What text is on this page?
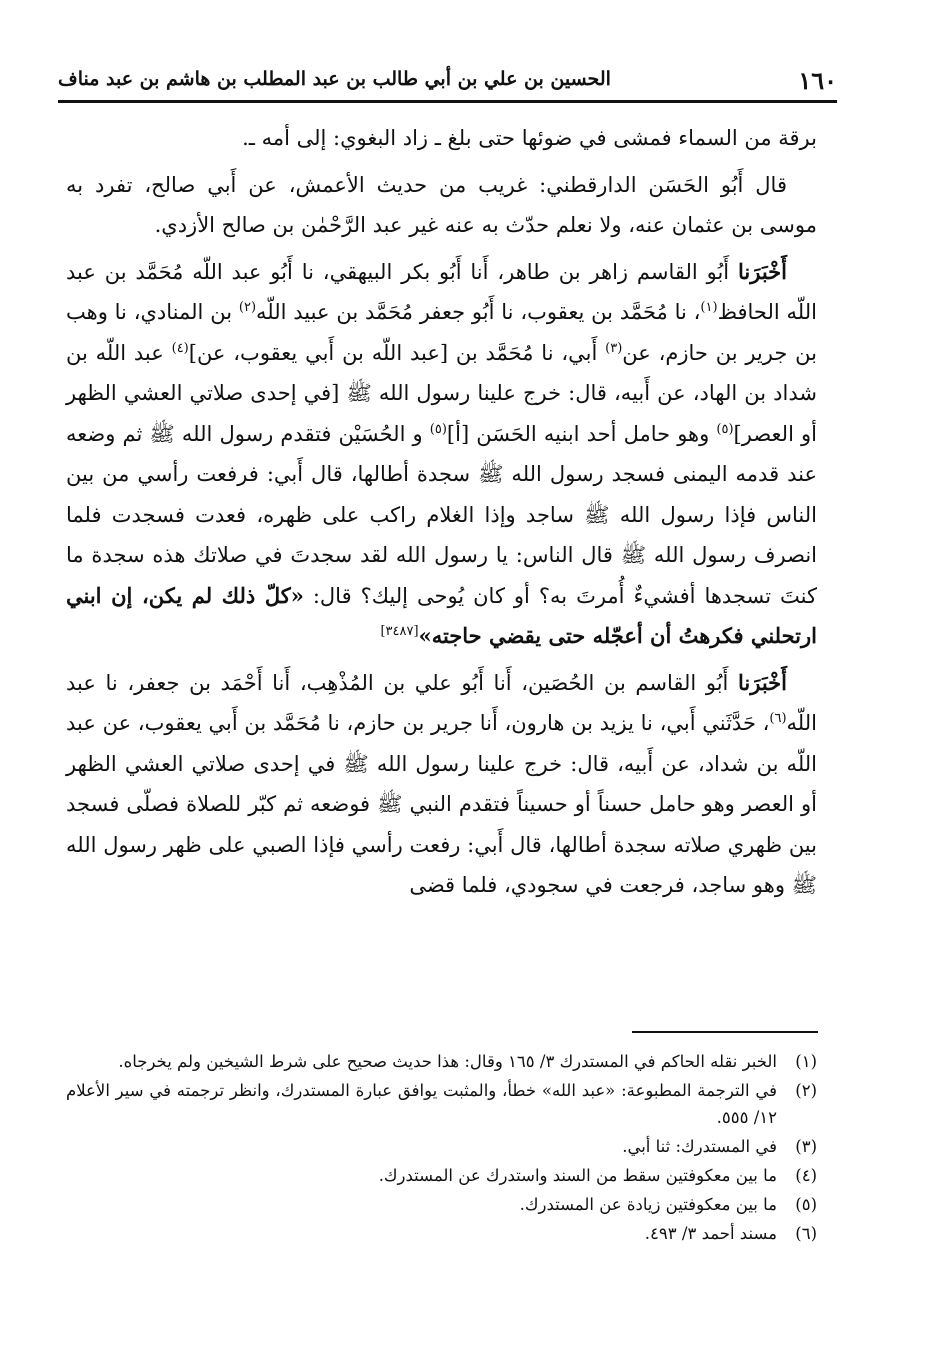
١٦٠
الحسين بن علي بن أبي طالب بن عبد المطلب بن هاشم بن عبد مناف

برقة من السماء فمشى في ضوئها حتى بلغ ـ زاد البغوي: إلى أمه ـ.

قال أَبُو الحَسَن الدارقطني: غريب من حديث الأعمش، عن أَبي صالح، تفرد به موسى بن عثمان عنه، ولا نعلم حدّث به عنه غير عبد الرَّحْمٰن بن صالح الأزدي.

أَخْبَرَنا أَبُو القاسم زاهر بن طاهر، أَنا أَبُو بكر البيهقي، نا أَبُو عبد اللّه مُحَمَّد بن عبد اللّه الحافظ$^{(١)}$، نا مُحَمَّد بن يعقوب، نا أَبُو جعفر مُحَمَّد بن عبيد اللّه$^{(٢)}$ بن المنادي، نا وهب بن جرير بن حازم، عن$^{(٣)}$ أَبي، نا مُحَمَّد بن [عبد اللّه بن أَبي يعقوب، عن]$^{(٤)}$ عبد اللّه بن شداد بن الهاد، عن أَبيه، قال: خرج علينا رسول الله ﷺ [في إحدى صلاتي العشي الظهر أو العصر]$^{(٥)}$ وهو حامل أحد ابنيه الحَسَن [أ]$^{(٥)}$ و الحُسَيْن فتقدم رسول الله ﷺ ثم وضعه عند قدمه اليمنى فسجد رسول الله ﷺ سجدة أطالها، قال أَبي: فرفعت رأسي من بين الناس فإذا رسول الله ﷺ ساجد وإذا الغلام راكب على ظهره، فعدت فسجدت فلما انصرف رسول الله ﷺ قال الناس: يا رسول الله لقد سجدتَ في صلاتك هذه سجدة ما كنتَ تسجدها أفشيءٌ أُمرتَ به؟ أو كان يُوحى إليك؟ قال: «كلّ ذلك لم يكن، إن ابني ارتحلني فكرهتُ أن أعجّله حتى يقضي حاجته»[٣٤٨٧]

أَخْبَرَنا أَبُو القاسم بن الحُصَين، أَنا أَبُو علي بن المُذْهِب، أَنا أَحْمَد بن جعفر، نا عبد اللّه$^{(٦)}$، حَدَّثَني أَبي، نا يزيد بن هارون، أَنا جرير بن حازم، نا مُحَمَّد بن أَبي يعقوب، عن عبد اللّه بن شداد، عن أَبيه، قال: خرج علينا رسول الله ﷺ في إحدى صلاتي العشي الظهر أو العصر وهو حامل حسناً أو حسيناً فتقدم النبي ﷺ فوضعه ثم كبّر للصلاة فصلّى فسجد بين ظهري صلاته سجدة أطالها، قال أَبي: رفعت رأسي فإذا الصبي على ظهر رسول الله ﷺ وهو ساجد، فرجعت في سجودي، فلما قضى

(١)
الخبر نقله الحاكم في المستدرك ٣/ ١٦٥ وقال: هذا حديث صحيح على شرط الشيخين ولم يخرجاه.
(٢)
في الترجمة المطبوعة: «عبد الله» خطأ، والمثبت يوافق عبارة المستدرك، وانظر ترجمته في سير الأعلام ١٢/ ٥٥٥.
(٣)
في المستدرك: ثنا أبي.
(٤)
ما بين معكوفتين سقط من السند واستدرك عن المستدرك.
(٥)
ما بين معكوفتين زيادة عن المستدرك.
(٦)
مسند أحمد ٣/ ٤٩٣.
